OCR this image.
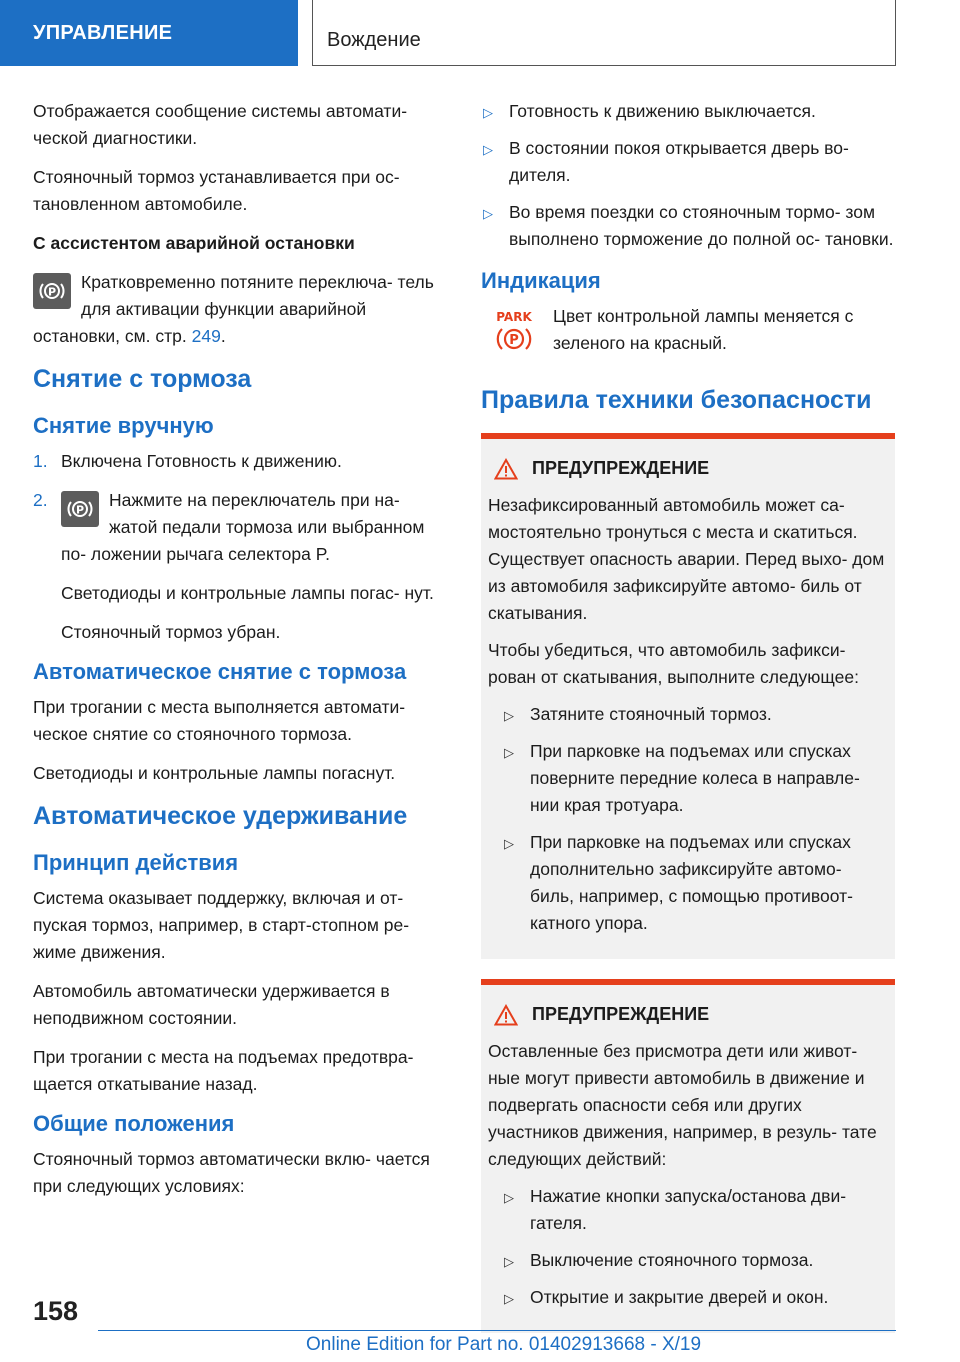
УПРАВЛЕНИЕ	Вождение

Отображается сообщение системы автомати- ческой диагностики.

Стояночный тормоз устанавливается при ос- тановленном автомобиле.

С ассистентом аварийной остановки

P Кратковременно потяните переключа- тель для активации функции аварийной остановки, см. стр. 249.
Снятие с тормоза
Снятие вручную
1. Включена Готовность к движению.
2.	P Нажмите на переключатель при на- жатой педали тормоза или выбранном по- ложении рычага селектора P.

Светодиоды и контрольные лампы погас- нут.

Стояночный тормоз убран.

Автоматическое снятие с тормоза

При трогании с места выполняется автомати- ческое снятие со стояночного тормоза.

Светодиоды и контрольные лампы погаснут.

Автоматическое удерживание
Принцип действия

Система оказывает поддержку, включая и от- пуская тормоз, например, в старт-стопном ре- жиме движения.

Автомобиль автоматически удерживается в неподвижном состоянии.

При трогании с места на подъемах предотвра- щается откатывание назад.

Общие положения

Стояночный тормоз автоматически вклю- чается при следующих условиях:

▷ Готовность к движению выключается.
▷ В состоянии покоя открывается дверь во- дителя.
▷ Во время поездки со стояночным тормо- зом выполнено торможение до полной ос- тановки.
Индикация
PARK
P
Цвет контрольной лампы меняется с зеленого на красный.
Правила техники безопасности
ПРЕДУПРЕЖДЕНИЕ

Незафиксированный автомобиль может са- мостоятельно тронуться с места и скатиться. Существует опасность аварии. Перед выхо- дом из автомобиля зафиксируйте автомо- биль от скатывания.

Чтобы убедиться, что автомобиль зафикси- рован от скатывания, выполните следующее:

▷ Затяните стояночный тормоз.
▷ При парковке на подъемах или спусках поверните передние колеса в направле- нии края тротуара.
▷ При парковке на подъемах или спусках дополнительно зафиксируйте автомо- биль, например, с помощью противоот- катного упора.
ПРЕДУПРЕЖДЕНИЕ

Оставленные без присмотра дети или живот- ные могут привести автомобиль в движение и подвергать опасности себя или других участников движения, например, в резуль- тате следующих действий:

▷ Нажатие кнопки запуска/останова дви- гателя.
▷ Выключение стояночного тормоза.
▷ Открытие и закрытие дверей и окон.
158
Online Edition for Part no. 01402913668 - X/19
